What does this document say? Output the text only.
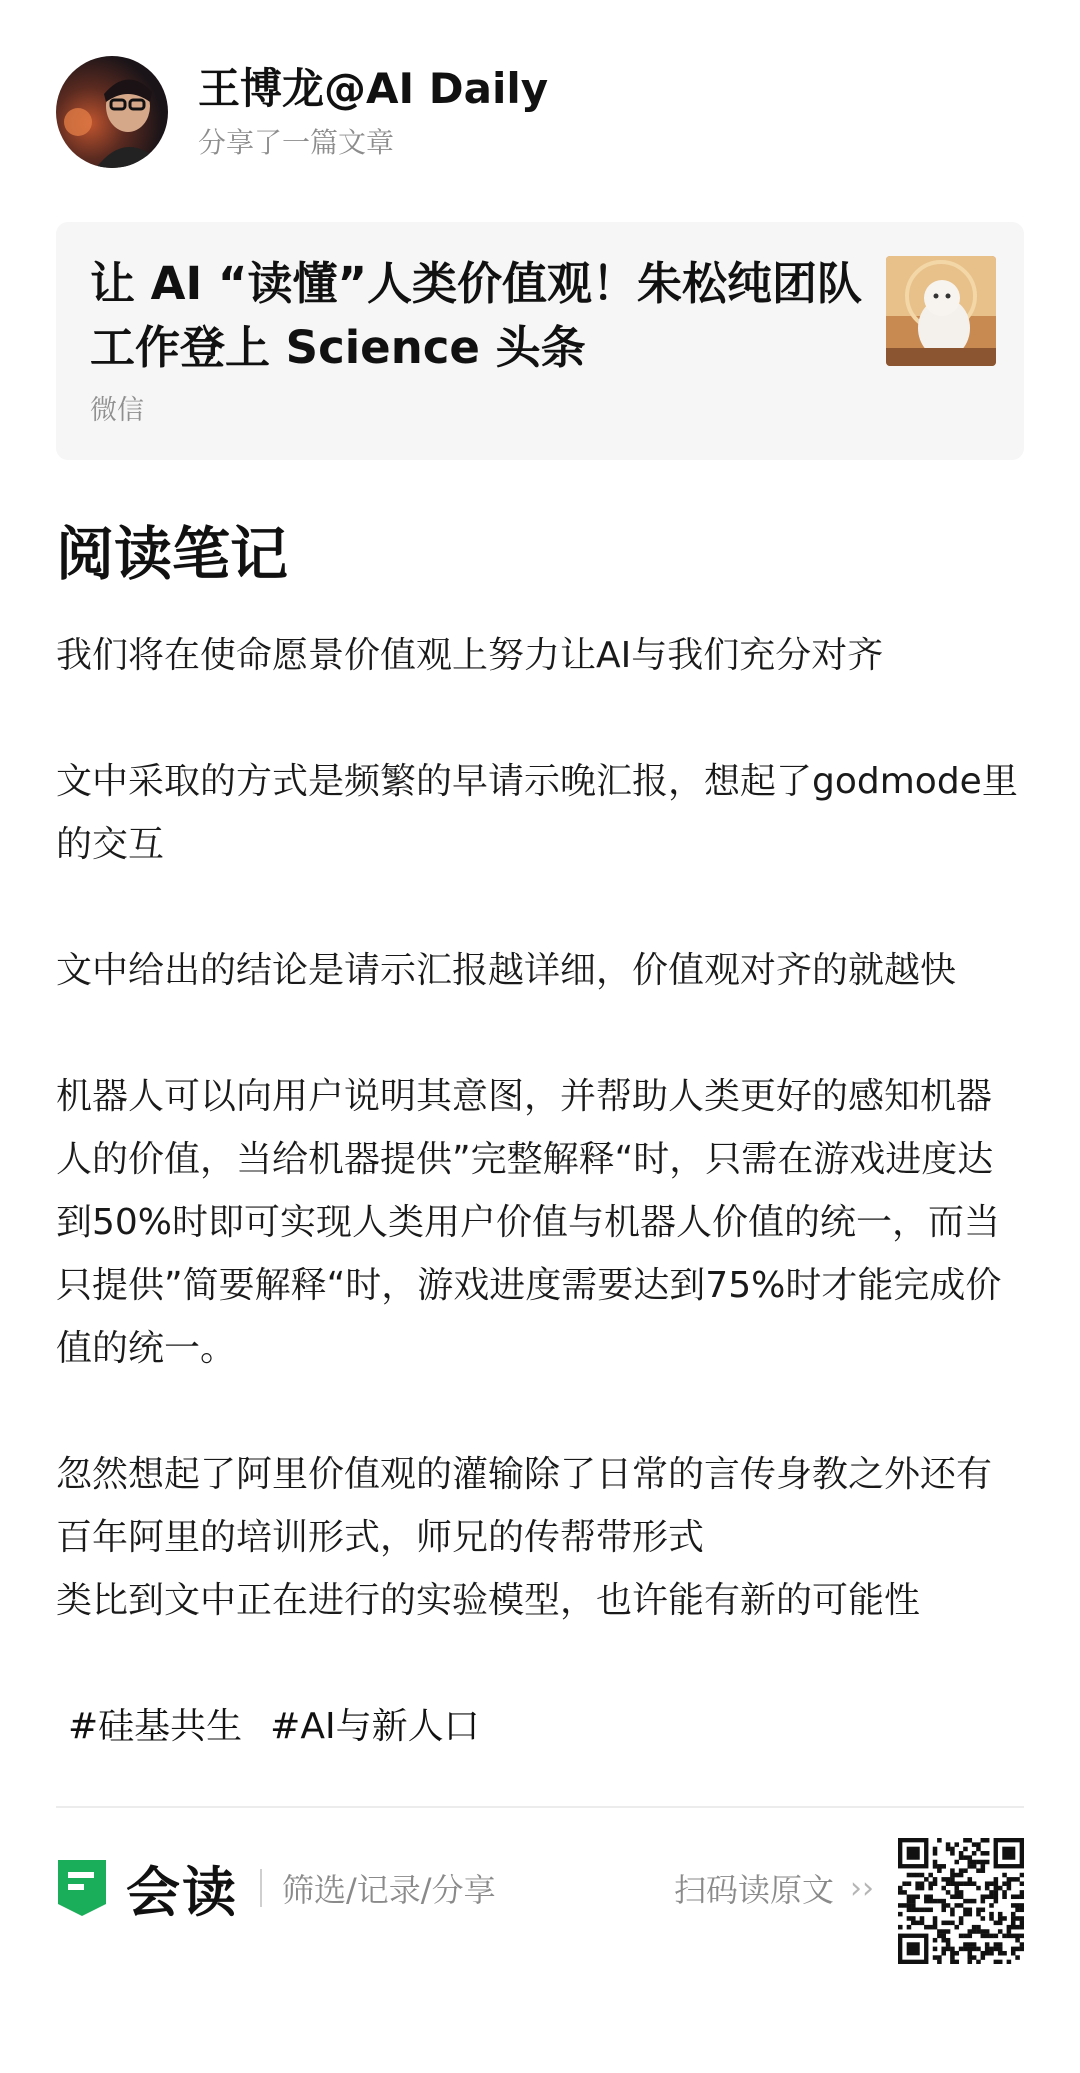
王博龙@AI Daily
分享了一篇文章
让 AI “读懂”人类价值观！朱松纯团队工作登上 Science 头条
微信
阅读笔记

我们将在使命愿景价值观上努力让AI与我们充分对齐

文中采取的方式是频繁的早请示晚汇报，想起了godmode里的交互

文中给出的结论是请示汇报越详细，价值观对齐的就越快

机器人可以向用户说明其意图，并帮助人类更好的感知机器人的价值，当给机器提供”完整解释“时，只需在游戏进度达到50%时即可实现人类用户价值与机器人价值的统一，而当只提供”简要解释“时，游戏进度需要达到75%时才能完成价值的统一。

忽然想起了阿里价值观的灌输除了日常的言传身教之外还有百年阿里的培训形式，师兄的传帮带形式

类比到文中正在进行的实验模型，也许能有新的可能性

#硅基共生 #AI与新人口
会读 筛选/记录/分享	扫码读原文 ››
